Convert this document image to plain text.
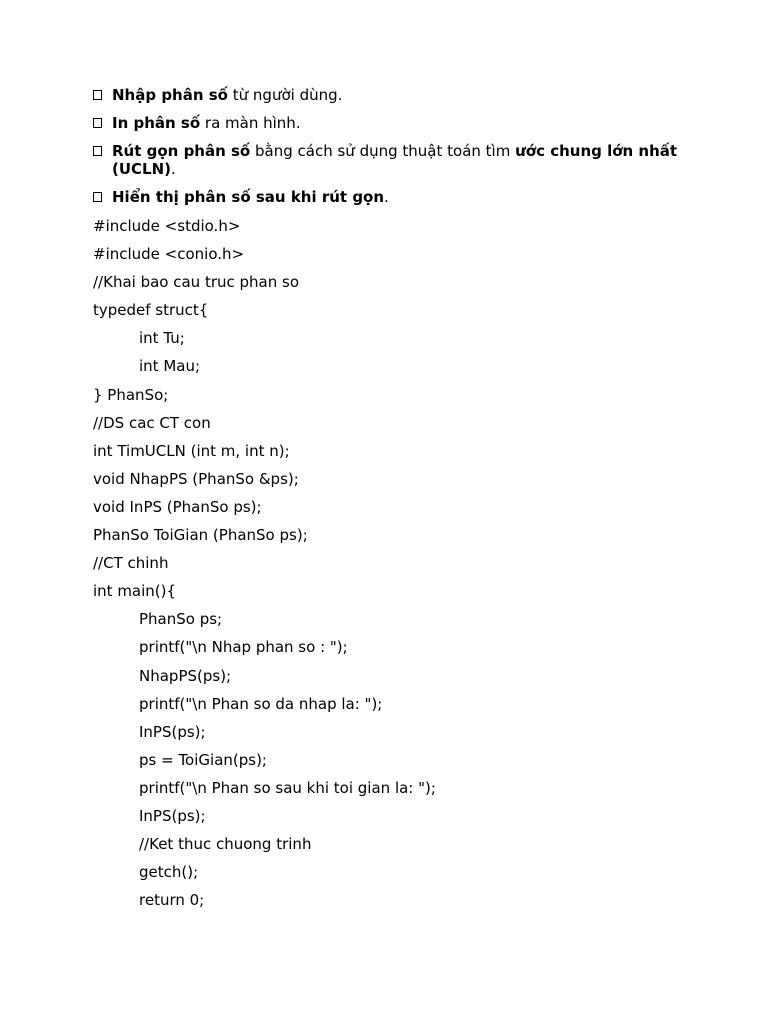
Nhập phân số từ người dùng.
In phân số ra màn hình.
Rút gọn phân số bằng cách sử dụng thuật toán tìm ước chung lớn nhất (UCLN).
Hiển thị phân số sau khi rút gọn.
#include <stdio.h>
#include <conio.h>
//Khai bao cau truc phan so
typedef struct{
int Tu;
int Mau;
} PhanSo;
//DS cac CT con
int TimUCLN (int m, int n);
void NhapPS (PhanSo &ps);
void InPS (PhanSo ps);
PhanSo ToiGian (PhanSo ps);
//CT chinh
int main(){
PhanSo ps;
printf("\n Nhap phan so : ");
NhapPS(ps);
printf("\n Phan so da nhap la: ");
InPS(ps);
ps = ToiGian(ps);
printf("\n Phan so sau khi toi gian la: ");
InPS(ps);
//Ket thuc chuong trinh
getch();
return 0;
